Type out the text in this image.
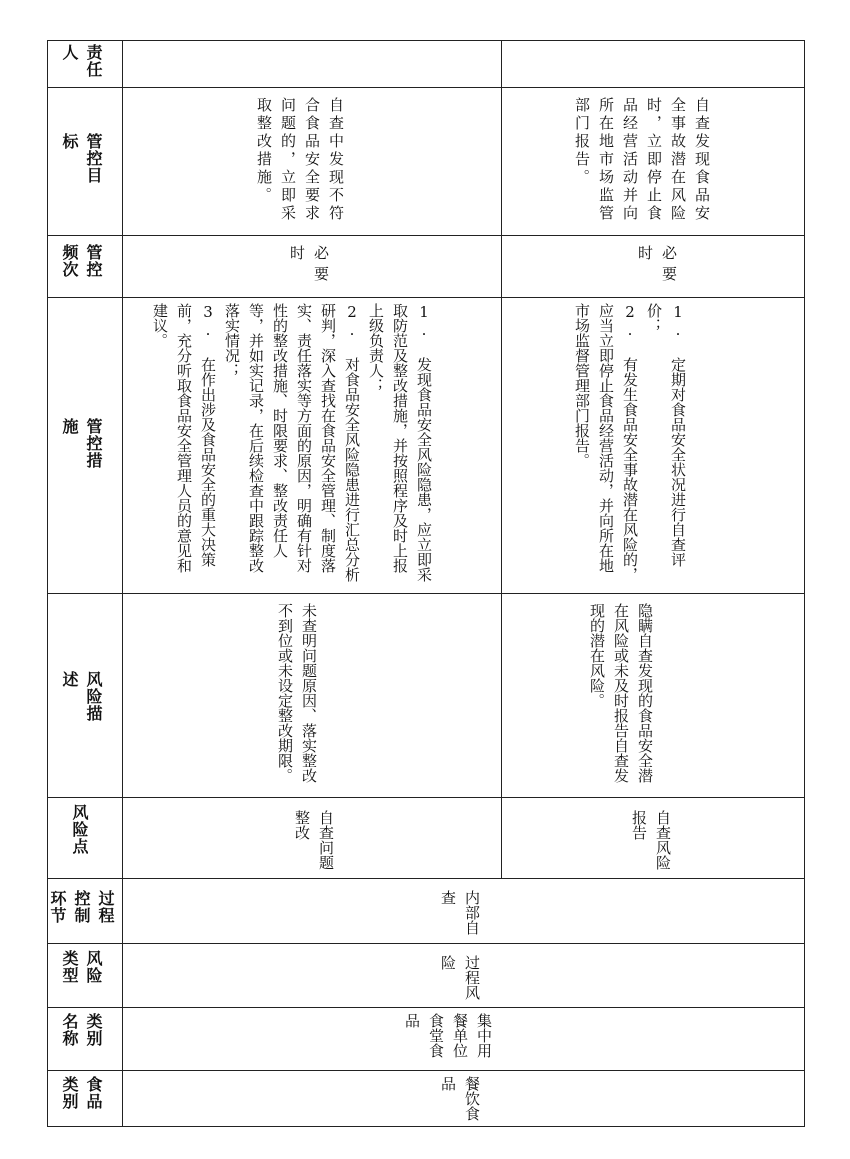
责任人
管控目标
管控频次
管控措施
风险描述
风险点
过程控制环节
风险类型
类别名称
食品类别
自查中发现不符合食品安全要求问题的，立即采取整改措施。
必要时
1. 发现食品安全风险隐患，应立即采取防范及整改措施，并按照程序及时上报上级负责人；
2. 对食品安全风险隐患进行汇总分析研判，深入查找在食品安全管理、制度落实、责任落实等方面的原因，明确有针对性的整改措施、时限要求、整改责任人等，并如实记录，在后续检查中跟踪整改落实情况；
3. 在作出涉及食品安全的重大决策前，充分听取食品安全管理人员的意见和建议。
未查明问题原因、落实整改不到位或未设定整改期限。
自查问题整改
自查发现食品安全事故潜在风险时，立即停止食品经营活动并向所在地市场监管部门报告。
必要时
1. 定期对食品安全状况进行自查评价；
2. 有发生食品安全事故潜在风险的，应当立即停止食品经营活动，并向所在地市场监督管理部门报告。
隐瞒自查发现的食品安全潜在风险或未及时报告自查发现的潜在风险。
自查风险报告
内部自查
过程风险
集中用餐单位食堂食品
餐饮食品
